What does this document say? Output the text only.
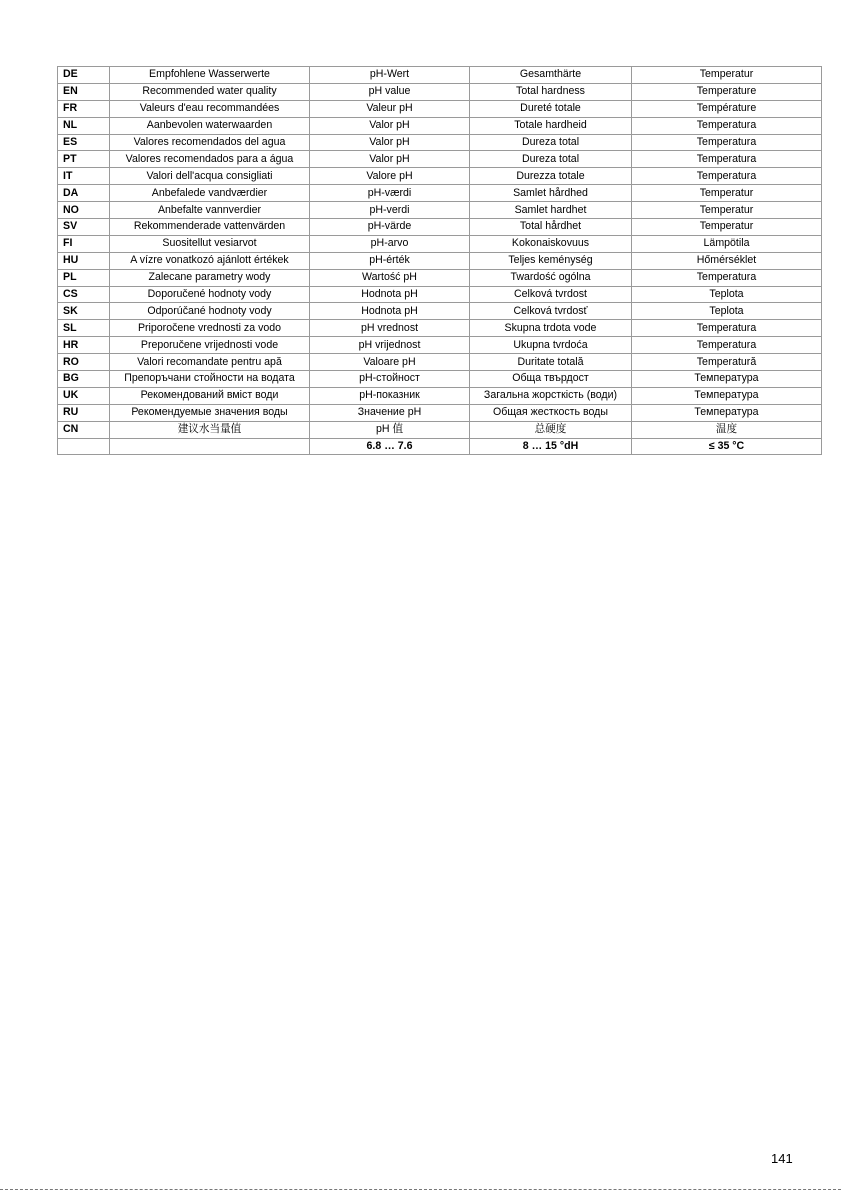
DE	Empfohlene Wasserwerte	pH-Wert	Gesamthärte	Temperatur
EN	Recommended water quality	pH value	Total hardness	Temperature
FR	Valeurs d'eau recommandées	Valeur pH	Dureté totale	Température
NL	Aanbevolen waterwaarden	Valor pH	Totale hardheid	Temperatura
ES	Valores recomendados del agua	Valor pH	Dureza total	Temperatura
PT	Valores recomendados para a água	Valor pH	Dureza total	Temperatura
IT	Valori dell'acqua consigliati	Valore pH	Durezza totale	Temperatura
DA	Anbefalede vandværdier	pH-værdi	Samlet hårdhed	Temperatur
NO	Anbefalte vannverdier	pH-verdi	Samlet hardhet	Temperatur
SV	Rekommenderade vattenvärden	pH-värde	Total hårdhet	Temperatur
FI	Suositellut vesiarvot	pH-arvo	Kokonaiskovuus	Lämpötila
HU	A vízre vonatkozó ajánlott értékek	pH-érték	Teljes keménység	Hőmérséklet
PL	Zalecane parametry wody	Wartość pH	Twardość ogólna	Temperatura
CS	Doporučené hodnoty vody	Hodnota pH	Celková tvrdost	Teplota
SK	Odporúčané hodnoty vody	Hodnota pH	Celková tvrdosť	Teplota
SL	Priporočene vrednosti za vodo	pH vrednost	Skupna trdota vode	Temperatura
HR	Preporučene vrijednosti vode	pH vrijednost	Ukupna tvrdoća	Temperatura
RO	Valori recomandate pentru apă	Valoare pH	Duritate totală	Temperatură
BG	Препоръчани стойности на водата	pH-стойност	Обща твърдост	Температура
UK	Рекомендований вміст води	pH-показник	Загальна жорсткість (води)	Температура
RU	Рекомендуемые значения воды	Значение pH	Общая жесткость воды	Температура
CN	建议水当量值	pH 值	总硬度	温度
		6.8 … 7.6	8 … 15 °dH	≤ 35 °C
141
